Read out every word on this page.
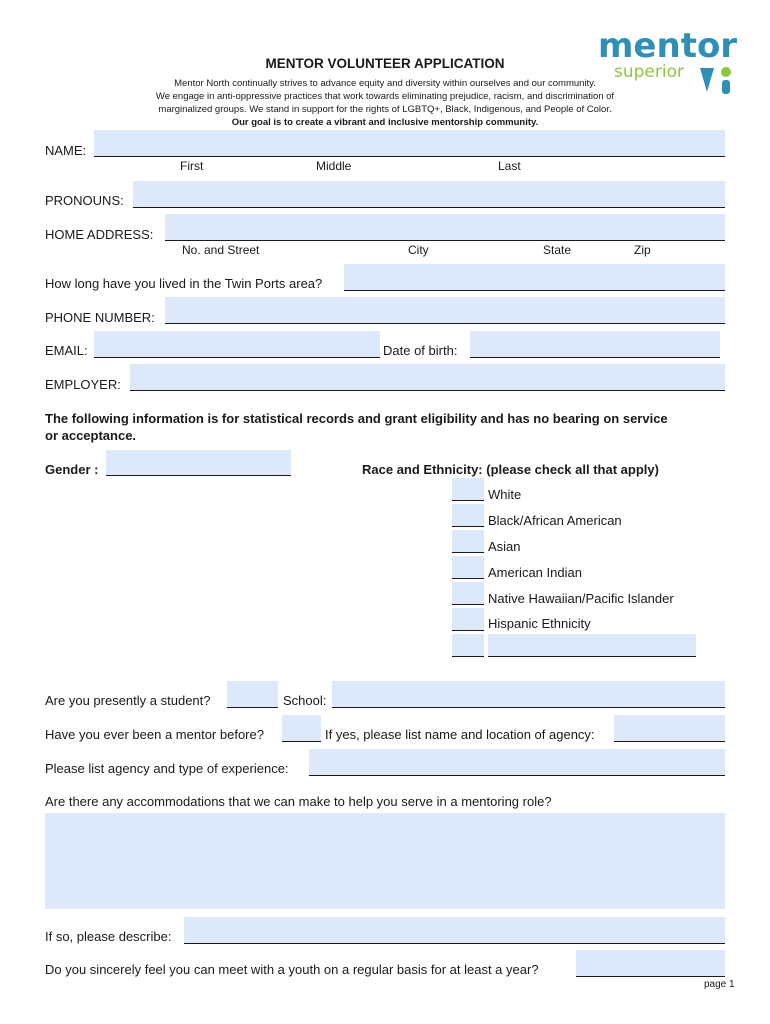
MENTOR VOLUNTEER APPLICATION
Mentor North continually strives to advance equity and diversity within ourselves and our community.
We engage in anti-oppressive practices that work towards eliminating prejudice, racism, and discrimination of
marginalized groups. We stand in support for the rights of LGBTQ+, Black, Indigenous, and People of Color.
Our goal is to create a vibrant and inclusive mentorship community.
mentor
superior
NAME:
First	Middle	Last
PRONOUNS:
HOME ADDRESS:
No. and Street	City	State	Zip
How long have you lived in the Twin Ports area?
PHONE NUMBER:
EMAIL:	Date of birth:
EMPLOYER:
The following information is for statistical records and grant eligibility and has no bearing on service
or acceptance.
Gender :	Race and Ethnicity: (please check all that apply)
White
Black/African American
Asian
American Indian
Native Hawaiian/Pacific Islander
Hispanic Ethnicity
Are you presently a student?	School:
Have you ever been a mentor before?	If yes, please list name and location of agency:
Please list agency and type of experience:
Are there any accommodations that we can make to help you serve in a mentoring role?
If so, please describe:
Do you sincerely feel you can meet with a youth on a regular basis for at least a year?
page 1
